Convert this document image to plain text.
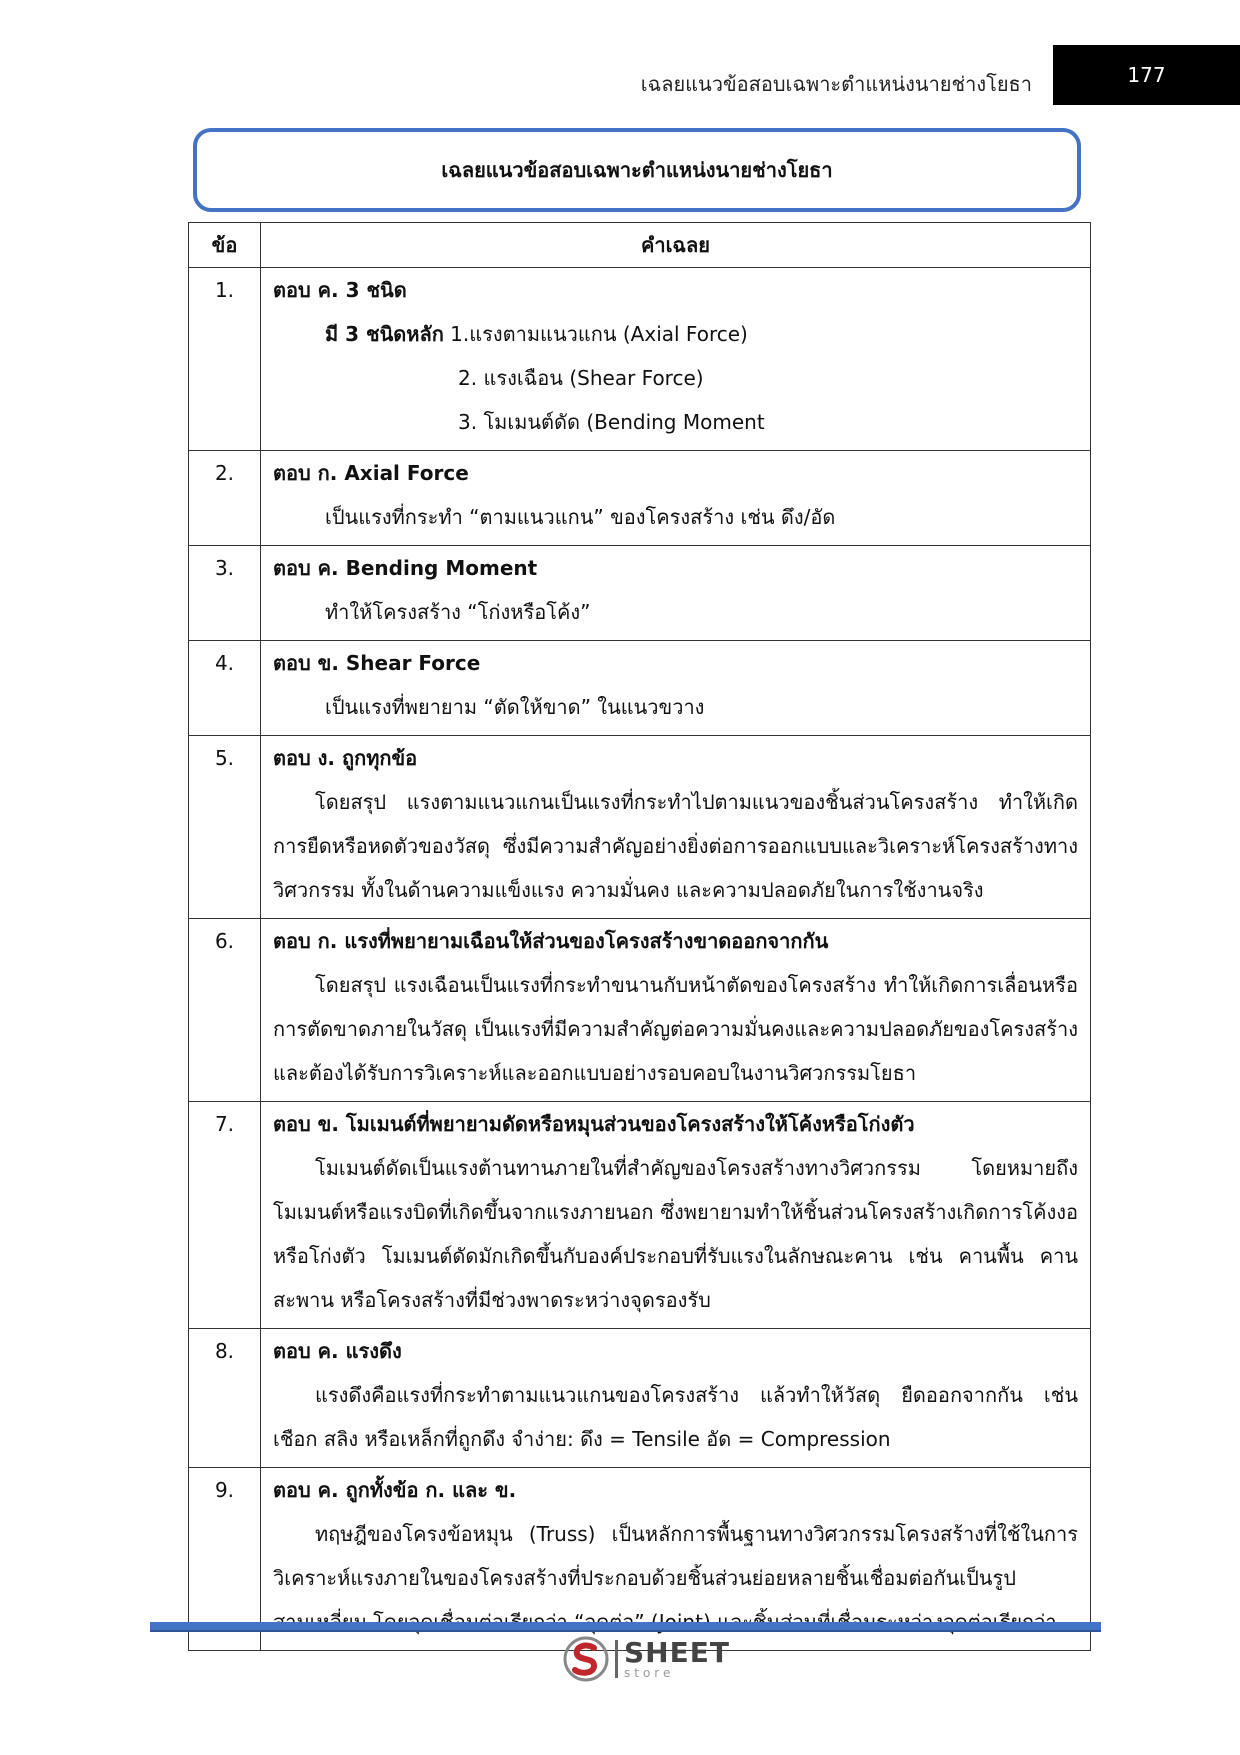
เฉลยแนวข้อสอบเฉพาะตำแหน่งนายช่างโยธา	177
เฉลยแนวข้อสอบเฉพาะตำแหน่งนายช่างโยธา
ข้อ	คำเฉลย
1.	ตอบ ค. 3 ชนิด
มี 3 ชนิดหลัก 1.แรงตามแนวแกน (Axial Force)
2. แรงเฉือน (Shear Force)
3. โมเมนต์ดัด (Bending Moment

2.	ตอบ ก. Axial Force
เป็นแรงที่กระทำ “ตามแนวแกน” ของโครงสร้าง เช่น ดึง/อัด

3.	ตอบ ค. Bending Moment
ทำให้โครงสร้าง “โก่งหรือโค้ง”

4.	ตอบ ข. Shear Force
เป็นแรงที่พยายาม “ตัดให้ขาด” ในแนวขวาง

5.	ตอบ ง. ถูกทุกข้อ
โดยสรุป แรงตามแนวแกนเป็นแรงที่กระทำไปตามแนวของชิ้นส่วนโครงสร้าง ทำให้เกิดการยืดหรือหดตัวของวัสดุ ซึ่งมีความสำคัญอย่างยิ่งต่อการออกแบบและวิเคราะห์โครงสร้างทางวิศวกรรม ทั้งในด้านความแข็งแรง ความมั่นคง และความปลอดภัยในการใช้งานจริง

6.	ตอบ ก. แรงที่พยายามเฉือนให้ส่วนของโครงสร้างขาดออกจากกัน
โดยสรุป แรงเฉือนเป็นแรงที่กระทำขนานกับหน้าตัดของโครงสร้าง ทำให้เกิดการเลื่อนหรือการตัดขาดภายในวัสดุ เป็นแรงที่มีความสำคัญต่อความมั่นคงและความปลอดภัยของโครงสร้าง และต้องได้รับการวิเคราะห์และออกแบบอย่างรอบคอบในงานวิศวกรรมโยธา

7.	ตอบ ข. โมเมนต์ที่พยายามดัดหรือหมุนส่วนของโครงสร้างให้โค้งหรือโก่งตัว
โมเมนต์ดัดเป็นแรงต้านทานภายในที่สำคัญของโครงสร้างทางวิศวกรรม โดยหมายถึงโมเมนต์หรือแรงบิดที่เกิดขึ้นจากแรงภายนอก ซึ่งพยายามทำให้ชิ้นส่วนโครงสร้างเกิดการโค้งงอหรือโก่งตัว โมเมนต์ดัดมักเกิดขึ้นกับองค์ประกอบที่รับแรงในลักษณะคาน เช่น คานพื้น คานสะพาน หรือโครงสร้างที่มีช่วงพาดระหว่างจุดรองรับ

8.	ตอบ ค. แรงดึง
แรงดึงคือแรงที่กระทำตามแนวแกนของโครงสร้าง แล้วทำให้วัสดุ ยืดออกจากกัน เช่น เชือก สลิง หรือเหล็กที่ถูกดึง จำง่าย: ดึง = Tensile อัด = Compression

9.	ตอบ ค. ถูกทั้งข้อ ก. และ ข.
ทฤษฎีของโครงข้อหมุน (Truss) เป็นหลักการพื้นฐานทางวิศวกรรมโครงสร้างที่ใช้ในการวิเคราะห์แรงภายในของโครงสร้างที่ประกอบด้วยชิ้นส่วนย่อยหลายชิ้นเชื่อมต่อกันเป็นรูป
SHEET
store
